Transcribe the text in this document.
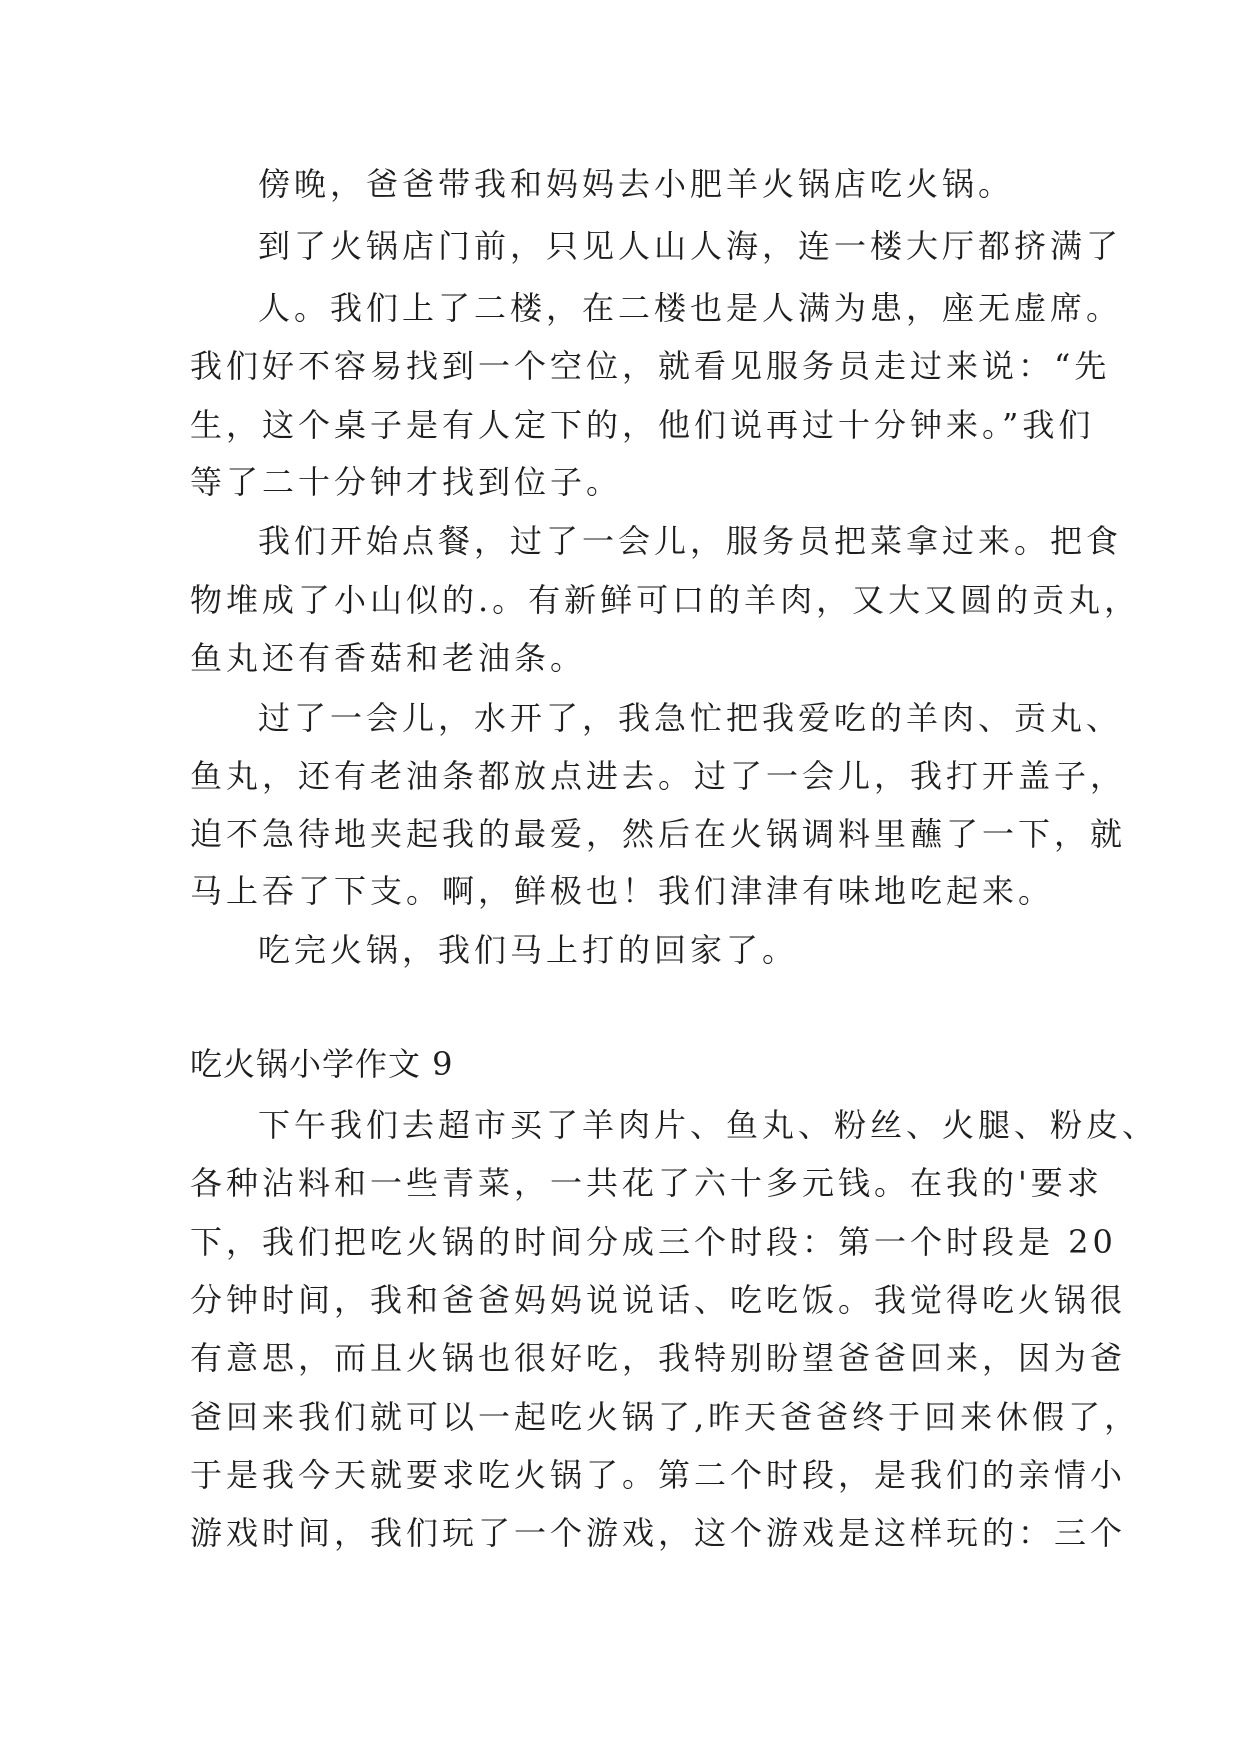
傍晚，爸爸带我和妈妈去小肥羊火锅店吃火锅。
到了火锅店门前，只见人山人海，连一楼大厅都挤满了
人。我们上了二楼，在二楼也是人满为患，座无虚席。
我们好不容易找到一个空位，就看见服务员走过来说：“先
生，这个桌子是有人定下的，他们说再过十分钟来。”我们
等了二十分钟才找到位子。
我们开始点餐，过了一会儿，服务员把菜拿过来。把食
物堆成了小山似的.。有新鲜可口的羊肉，又大又圆的贡丸，
鱼丸还有香菇和老油条。
过了一会儿，水开了，我急忙把我爱吃的羊肉、贡丸、
鱼丸，还有老油条都放点进去。过了一会儿，我打开盖子，
迫不急待地夹起我的最爱，然后在火锅调料里蘸了一下，就
马上吞了下支。啊，鲜极也！我们津津有味地吃起来。
吃完火锅，我们马上打的回家了。
吃火锅小学作文 9
下午我们去超市买了羊肉片、鱼丸、粉丝、火腿、粉皮、
各种沾料和一些青菜，一共花了六十多元钱。在我的'要求
下，我们把吃火锅的时间分成三个时段：第一个时段是 20
分钟时间，我和爸爸妈妈说说话、吃吃饭。我觉得吃火锅很
有意思，而且火锅也很好吃，我特别盼望爸爸回来，因为爸
爸回来我们就可以一起吃火锅了,昨天爸爸终于回来休假了，
于是我今天就要求吃火锅了。第二个时段，是我们的亲情小
游戏时间，我们玩了一个游戏，这个游戏是这样玩的：三个
